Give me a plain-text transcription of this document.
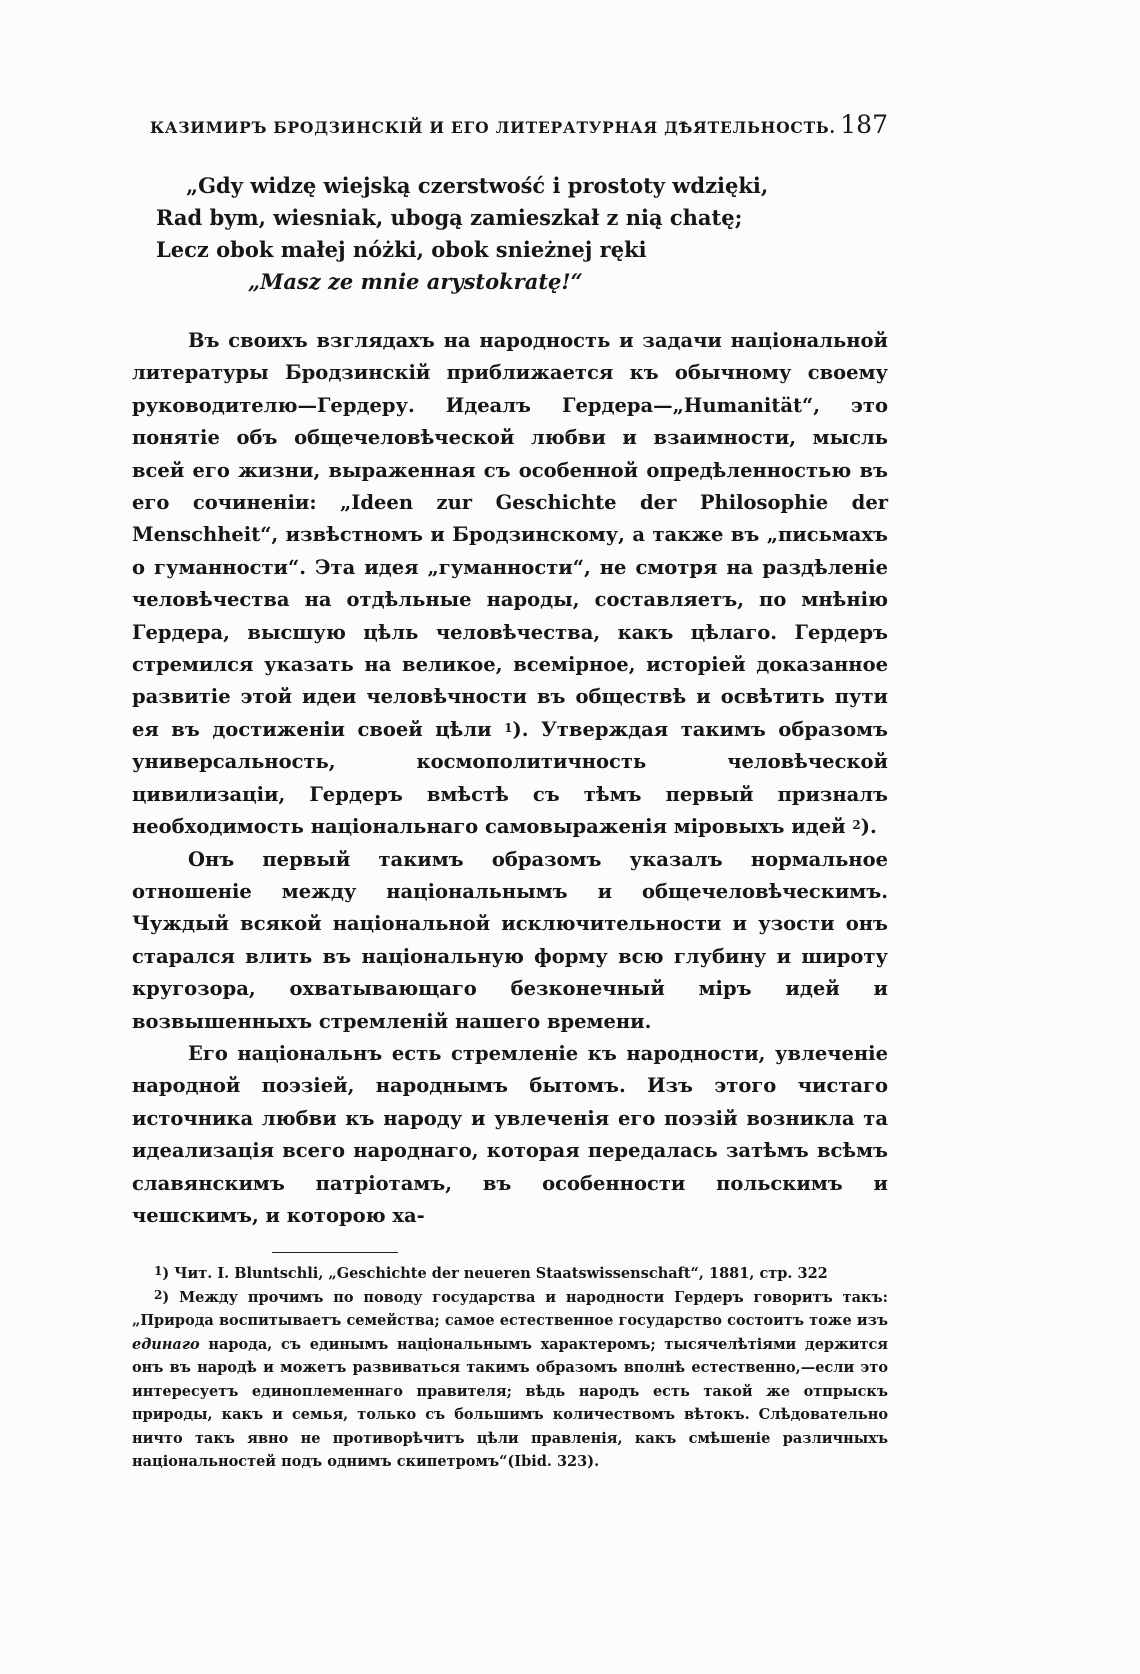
КАЗИМИРЪ БРОДЗИНСКІЙ И ЕГО ЛИТЕРАТУРНАЯ ДѢЯТЕЛЬНОСТЬ. 187
„Gdy widzę wiejską czerstwość i prostoty wdzięki,
Rad bym, wiesniak, ubogą zamieszkał z nią chatę;
Lecz obok małej nóżki, obok snieżnej ręki
„Masz ze mnie arystokratę!“

Въ своихъ взглядахъ на народность и задачи національной литературы Бродзинскій приближается къ обычному своему руководителю—Гердеру. Идеалъ Гердера—„Humanität“, это понятіе объ общечеловѣческой любви и взаимности, мысль всей его жизни, выраженная съ особенной опредѣленностью въ его сочиненіи: „Ideen zur Geschichte der Philosophie der Menschheit“, извѣстномъ и Бродзинскому, а также въ „письмахъ о гуманности“. Эта идея „гуманности“, не смотря на раздѣленіе человѣчества на отдѣльные народы, составляетъ, по мнѣнію Гердера, высшую цѣль человѣчества, какъ цѣлаго. Гердеръ стремился указать на великое, всемірное, исторіей доказанное развитіе этой идеи человѣчности въ обществѣ и освѣтить пути ея въ достиженіи своей цѣли $^1$). Утверждая такимъ образомъ универсальность, космополитичность человѣческой цивилизаціи, Гердеръ вмѣстѣ съ тѣмъ первый призналъ необходимость національнаго самовыраженія міровыхъ идей $^2$).

Онъ первый такимъ образомъ указалъ нормальное отношеніе между національнымъ и общечеловѣческимъ. Чуждый всякой національной исключительности и узости онъ старался влить въ національную форму всю глубину и широту кругозора, охватывающаго безконечный міръ идей и возвышенныхъ стремленій нашего времени.

Его національнъ есть стремленіе къ народности, увлеченіе народной поэзіей, народнымъ бытомъ. Изъ этого чистаго источника любви къ народу и увлеченія его поэзій возникла та идеализація всего народнаго, которая передалась затѣмъ всѣмъ славянскимъ патріотамъ, въ особенности польскимъ и чешскимъ, и которою ха-

$^1$) Чит. I. Bluntschli, „Geschichte der neueren Staatswissenschaft“, 1881, стр. 322

$^2$) Между прочимъ по поводу государства и народности Гердеръ говоритъ такъ: „Природа воспитываетъ семейства; самое естественное государство состоитъ тоже изъ единаго народа, съ единымъ національнымъ характеромъ; тысячелѣтіями держится онъ въ народѣ и можетъ развиваться такимъ образомъ вполнѣ естественно,—если это интересуетъ единоплеменнаго правителя; вѣдь народъ есть такой же отпрыскъ природы, какъ и семья, только съ большимъ количествомъ вѣтокъ. Слѣдовательно ничто такъ явно не противорѣчитъ цѣли правленія, какъ смѣшеніе различныхъ національностей подъ однимъ скипетромъ“(Ibid. 323).
